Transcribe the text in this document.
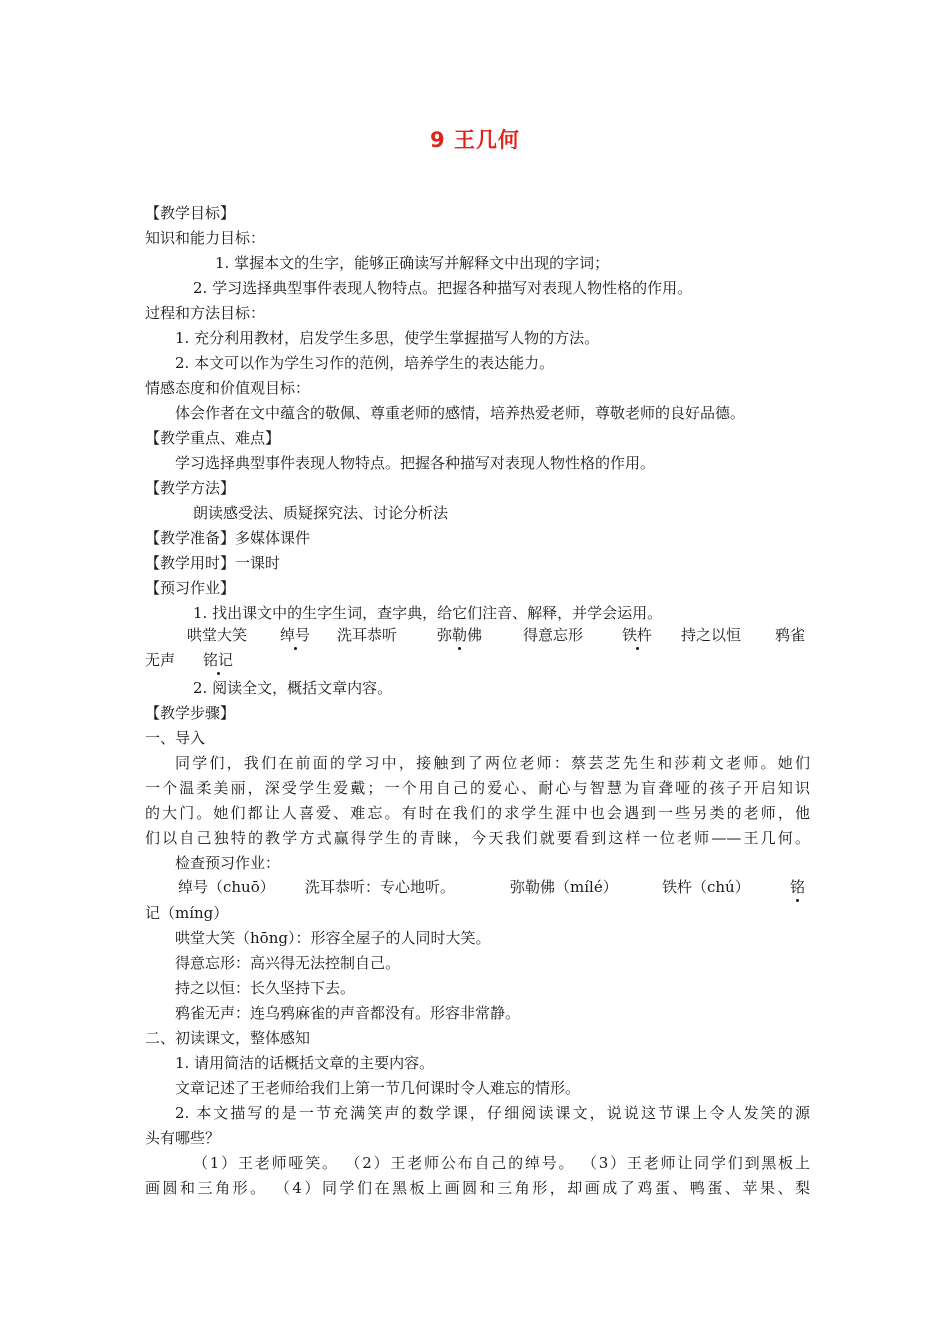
9 王几何
【教学目标】
知识和能力目标：
1. 掌握本文的生字，能够正确读写并解释文中出现的字词；
2. 学习选择典型事件表现人物特点。把握各种描写对表现人物性格的作用。
过程和方法目标：
1. 充分利用教材，启发学生多思，使学生掌握描写人物的方法。
2. 本文可以作为学生习作的范例，培养学生的表达能力。
情感态度和价值观目标：
体会作者在文中蕴含的敬佩、尊重老师的感情，培养热爱老师，尊敬老师的良好品德。
【教学重点、难点】
学习选择典型事件表现人物特点。把握各种描写对表现人物性格的作用。
【教学方法】
朗读感受法、质疑探究法、讨论分析法
【教学准备】多媒体课件
【教学用时】一课时
【预习作业】
1. 找出课文中的生字生词，查字典，给它们注音、解释，并学会运用。
哄堂大笑 绰号 洗耳恭听	弥勒佛	得意忘形	铁杵 持之以恒 鸦雀
无声 铭记
2. 阅读全文，概括文章内容。
【教学步骤】
一、导入
同学们，我们在前面的学习中，接触到了两位老师：蔡芸芝先生和莎莉文老师。她们
一个温柔美丽，深受学生爱戴；一个用自己的爱心、耐心与智慧为盲聋哑的孩子开启知识
的大门。她们都让人喜爱、难忘。有时在我们的求学生涯中也会遇到一些另类的老师，他
们以自己独特的教学方式赢得学生的青睐，今天我们就要看到这样一位老师——王几何。
检查预习作业：
绰号（chuō） 洗耳恭听：专心地听。	弥勒佛（mílé）	铁杵（chú）	铭
记（míng）
哄堂大笑（hōng）：形容全屋子的人同时大笑。
得意忘形：高兴得无法控制自己。
持之以恒：长久坚持下去。
鸦雀无声：连乌鸦麻雀的声音都没有。形容非常静。
二、初读课文，整体感知
1. 请用简洁的话概括文章的主要内容。
文章记述了王老师给我们上第一节几何课时令人难忘的情形。
2. 本文描写的是一节充满笑声的数学课，仔细阅读课文，说说这节课上令人发笑的源
头有哪些？
（1）王老师哑笑。 （2）王老师公布自己的绰号。 （3）王老师让同学们到黑板上
画圆和三角形。 （4）同学们在黑板上画圆和三角形，却画成了鸡蛋、鸭蛋、苹果、梨
